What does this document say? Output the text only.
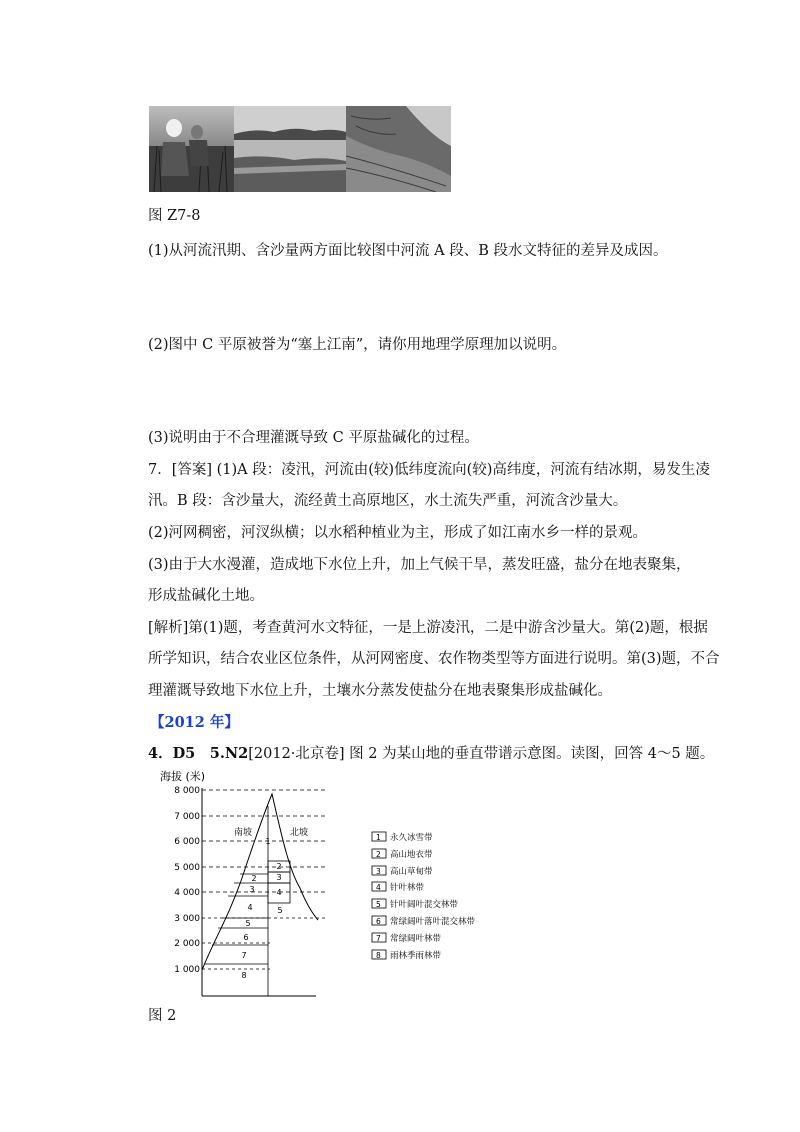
图 Z7-8
(1)从河流汛期、含沙量两方面比较图中河流 A 段、B 段水文特征的差异及成因。
(2)图中 C 平原被誉为“塞上江南”，请你用地理学原理加以说明。
(3)说明由于不合理灌溉导致 C 平原盐碱化的过程。
7．[答案] (1)A 段：凌汛，河流由(较)低纬度流向(较)高纬度，河流有结冰期，易发生凌
汛。B 段：含沙量大，流经黄土高原地区，水土流失严重，河流含沙量大。
(2)河网稠密，河汊纵横；以水稻种植业为主，形成了如江南水乡一样的景观。
(3)由于大水漫灌，造成地下水位上升，加上气候干旱，蒸发旺盛，盐分在地表聚集，
形成盐碱化土地。
[解析]第(1)题，考查黄河水文特征，一是上游凌汛，二是中游含沙量大。第(2)题，根据
所学知识，结合农业区位条件，从河网密度、农作物类型等方面进行说明。第(3)题，不合
理灌溉导致地下水位上升，土壤水分蒸发使盐分在地表聚集形成盐碱化。
【2012 年】
4．D5　5.N2[2012·北京卷] 图 2 为某山地的垂直带谱示意图。读图，回答 4～5 题。
海拔 (米)
8 000
7 000
6 000
5 000
4 000
3 000
2 000
1 000
1
2
3
4
5
6
7
8
2
3
4
5
南坡	北坡	1 永久冰雪带
2 高山地衣带
3 高山草甸带
4 针叶林带
5 针叶阔叶混交林带
6 常绿阔叶落叶混交林带
7 常绿阔叶林带
8 雨林季雨林带
图 2
